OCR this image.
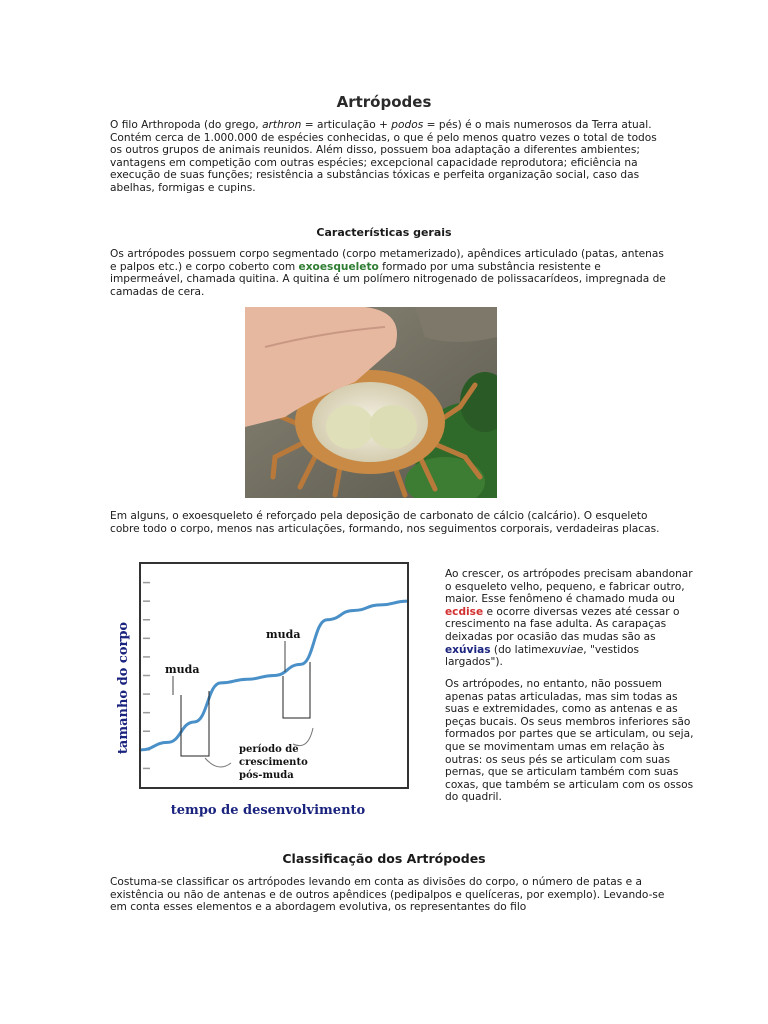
Artrópodes
O filo Arthropoda (do grego, arthron = articulação + podos = pés) é o mais numerosos da Terra atual. Contém cerca de 1.000.000 de espécies conhecidas, o que é pelo menos quatro vezes o total de todos os outros grupos de animais reunidos. Além disso, possuem boa adaptação a diferentes ambientes; vantagens em competição com outras espécies; excepcional capacidade reprodutora; eficiência na execução de suas funções; resistência a substâncias tóxicas e perfeita organização social, caso das abelhas, formigas e cupins.
Características gerais
Os artrópodes possuem corpo segmentado (corpo metamerizado), apêndices articulado (patas, antenas e palpos etc.) e corpo coberto com exoesqueleto formado por uma substância resistente e impermeável, chamada quitina. A quitina é um polímero nitrogenado de polissacarídeos, impregnada de camadas de cera.
Em alguns, o exoesqueleto é reforçado pela deposição de carbonato de cálcio (calcário). O esqueleto cobre todo o corpo, menos nas articulações, formando, nos seguimentos corporais, verdadeiras placas.
muda
muda
período de
crescimento
pós-muda
tempo de desenvolvimento
tamanho do corpo
Ao crescer, os artrópodes precisam abandonar o esqueleto velho, pequeno, e fabricar outro, maior. Esse fenômeno é chamado muda ou ecdise e ocorre diversas vezes até cessar o crescimento na fase adulta. As carapaças deixadas por ocasião das mudas são as exúvias (do latimexuviae, "vestidos largados").
Os artrópodes, no entanto, não possuem apenas patas articuladas, mas sim todas as suas e extremidades, como as antenas e as peças bucais. Os seus membros inferiores são formados por partes que se articulam, ou seja, que se movimentam umas em relação às outras: os seus pés se articulam com suas pernas, que se articulam também com suas coxas, que também se articulam com os ossos do quadril.
Classificação dos Artrópodes
Costuma-se classificar os artrópodes levando em conta as divisões do corpo, o número de patas e a existência ou não de antenas e de outros apêndices (pedipalpos e quelíceras, por exemplo). Levando-se em conta esses elementos e a abordagem evolutiva, os representantes do filo
